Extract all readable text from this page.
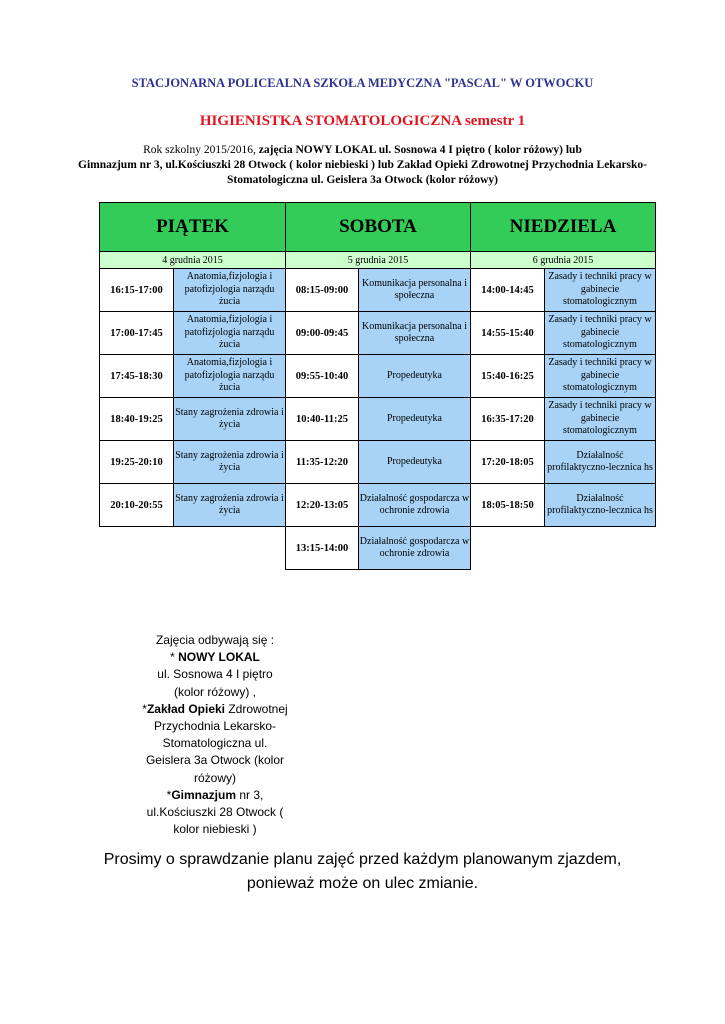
STACJONARNA POLICEALNA SZKOŁA MEDYCZNA "PASCAL" W OTWOCKU
HIGIENISTKA STOMATOLOGICZNA semestr 1
Rok szkolny 2015/2016, zajęcia NOWY LOKAL ul. Sosnowa 4 I piętro ( kolor różowy) lub
Gimnazjum nr 3, ul.Kościuszki 28 Otwock ( kolor niebieski ) lub Zakład Opieki Zdrowotnej Przychodnia Lekarsko-Stomatologiczna ul. Geislera 3a Otwock (kolor różowy)
PIĄTEK		SOBOTA		NIEDZIELA	
4 grudnia 2015		5 grudnia 2015		6 grudnia 2015	
16:15-17:00	Anatomia,fizjologia i patofizjologia narządu żucia	08:15-09:00	Komunikacja personalna i społeczna	14:00-14:45	Zasady i techniki pracy w gabinecie stomatologicznym
17:00-17:45	Anatomia,fizjologia i patofizjologia narządu żucia	09:00-09:45	Komunikacja personalna i społeczna	14:55-15:40	Zasady i techniki pracy w gabinecie stomatologicznym
17:45-18:30	Anatomia,fizjologia i patofizjologia narządu żucia	09:55-10:40	Propedeutyka	15:40-16:25	Zasady i techniki pracy w gabinecie stomatologicznym
18:40-19:25	Stany zagrożenia zdrowia i życia	10:40-11:25	Propedeutyka	16:35-17:20	Zasady i techniki pracy w gabinecie stomatologicznym
19:25-20:10	Stany zagrożenia zdrowia i życia	11:35-12:20	Propedeutyka	17:20-18:05	Działalność profilaktyczno-lecznica hs
20:10-20:55	Stany zagrożenia zdrowia i życia	12:20-13:05	Działalność gospodarcza w ochronie zdrowia	18:05-18:50	Działalność profilaktyczno-lecznica hs
		13:15-14:00	Działalność gospodarcza w ochronie zdrowia		
Zajęcia odbywają się :
* NOWY LOKAL
ul. Sosnowa 4 I piętro
(kolor różowy) ,
*Zakład Opieki Zdrowotnej
Przychodnia Lekarsko-
Stomatologiczna ul.
Geislera 3a Otwock (kolor
różowy)
*Gimnazjum nr 3,
ul.Kościuszki 28 Otwock (
kolor niebieski )
Prosimy o sprawdzanie planu zajęć przed każdym planowanym zjazdem,
ponieważ może on ulec zmianie.
